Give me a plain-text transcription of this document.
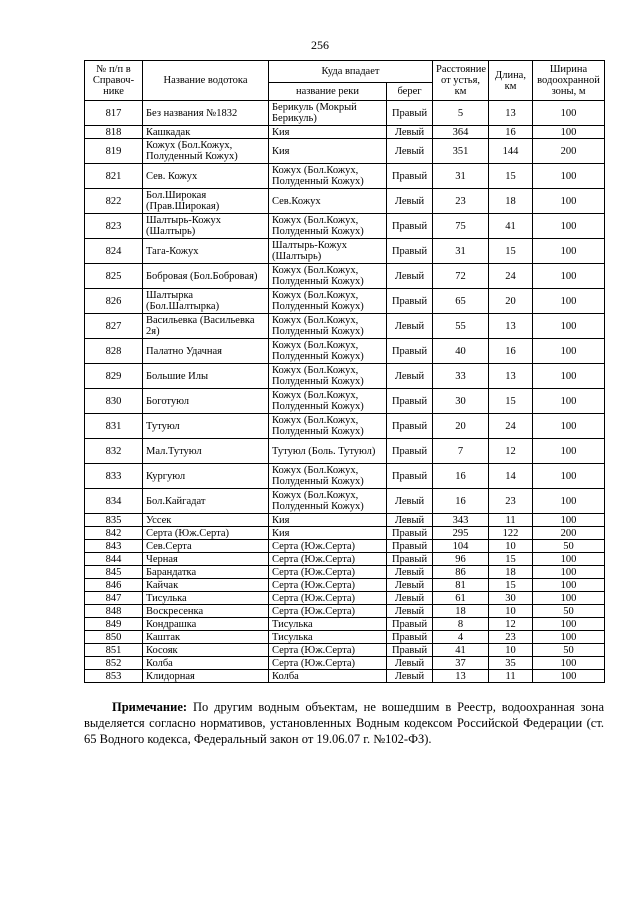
256
№ п/п в Справоч-нике	Название водотока	Куда впадает		Расстояние от устья, км	Длина, км	Ширина водоохранной зоны, м
		название реки	берег			
817	Без названия №1832	Берикуль (Мокрый Берикуль)	Правый	5	13	100
818	Кашкадак	Кия	Левый	364	16	100
819	Кожух (Бол.Кожух, Полуденный Кожух)	Кия	Левый	351	144	200
821	Сев. Кожух	Кожух (Бол.Кожух, Полуденный Кожух)	Правый	31	15	100
822	Бол.Широкая (Прав.Широкая)	Сев.Кожух	Левый	23	18	100
823	Шалтырь-Кожух (Шалтырь)	Кожух (Бол.Кожух, Полуденный Кожух)	Правый	75	41	100
824	Тага-Кожух	Шалтырь-Кожух (Шалтырь)	Правый	31	15	100
825	Бобровая (Бол.Бобровая)	Кожух (Бол.Кожух, Полуденный Кожух)	Левый	72	24	100
826	Шалтырка (Бол.Шалтырка)	Кожух (Бол.Кожух, Полуденный Кожух)	Правый	65	20	100
827	Васильевка (Васильевка 2я)	Кожух (Бол.Кожух, Полуденный Кожух)	Левый	55	13	100
828	Палатно Удачная	Кожух (Бол.Кожух, Полуденный Кожух)	Правый	40	16	100
829	Большие Илы	Кожух (Бол.Кожух, Полуденный Кожух)	Левый	33	13	100
830	Боготуюл	Кожух (Бол.Кожух, Полуденный Кожух)	Правый	30	15	100
831	Тутуюл	Кожух (Бол.Кожух, Полуденный Кожух)	Правый	20	24	100
832	Мал.Тутуюл	Тутуюл (Боль. Тутуюл)	Правый	7	12	100
833	Кургуюл	Кожух (Бол.Кожух, Полуденный Кожух)	Правый	16	14	100
834	Бол.Кайгадат	Кожух (Бол.Кожух, Полуденный Кожух)	Левый	16	23	100
835	Уссек	Кия	Левый	343	11	100
842	Серта (Юж.Серта)	Кия	Правый	295	122	200
843	Сев.Серта	Серта (Юж.Серта)	Правый	104	10	50
844	Черная	Серта (Юж.Серта)	Правый	96	15	100
845	Барандатка	Серта (Юж.Серта)	Левый	86	18	100
846	Кайчак	Серта (Юж.Серта)	Левый	81	15	100
847	Тисулька	Серта (Юж.Серта)	Левый	61	30	100
848	Воскресенка	Серта (Юж.Серта)	Левый	18	10	50
849	Кондрашка	Тисулька	Правый	8	12	100
850	Каштак	Тисулька	Правый	4	23	100
851	Косояк	Серта (Юж.Серта)	Правый	41	10	50
852	Колба	Серта (Юж.Серта)	Левый	37	35	100
853	Клидорная	Колба	Левый	13	11	100
Примечание: По другим водным объектам, не вошедшим в Реестр, водоохранная зона выделяется согласно нормативов, установленных Водным кодексом Российской Федерации (ст. 65 Водного кодекса, Федеральный закон от 19.06.07 г. №102-ФЗ).
